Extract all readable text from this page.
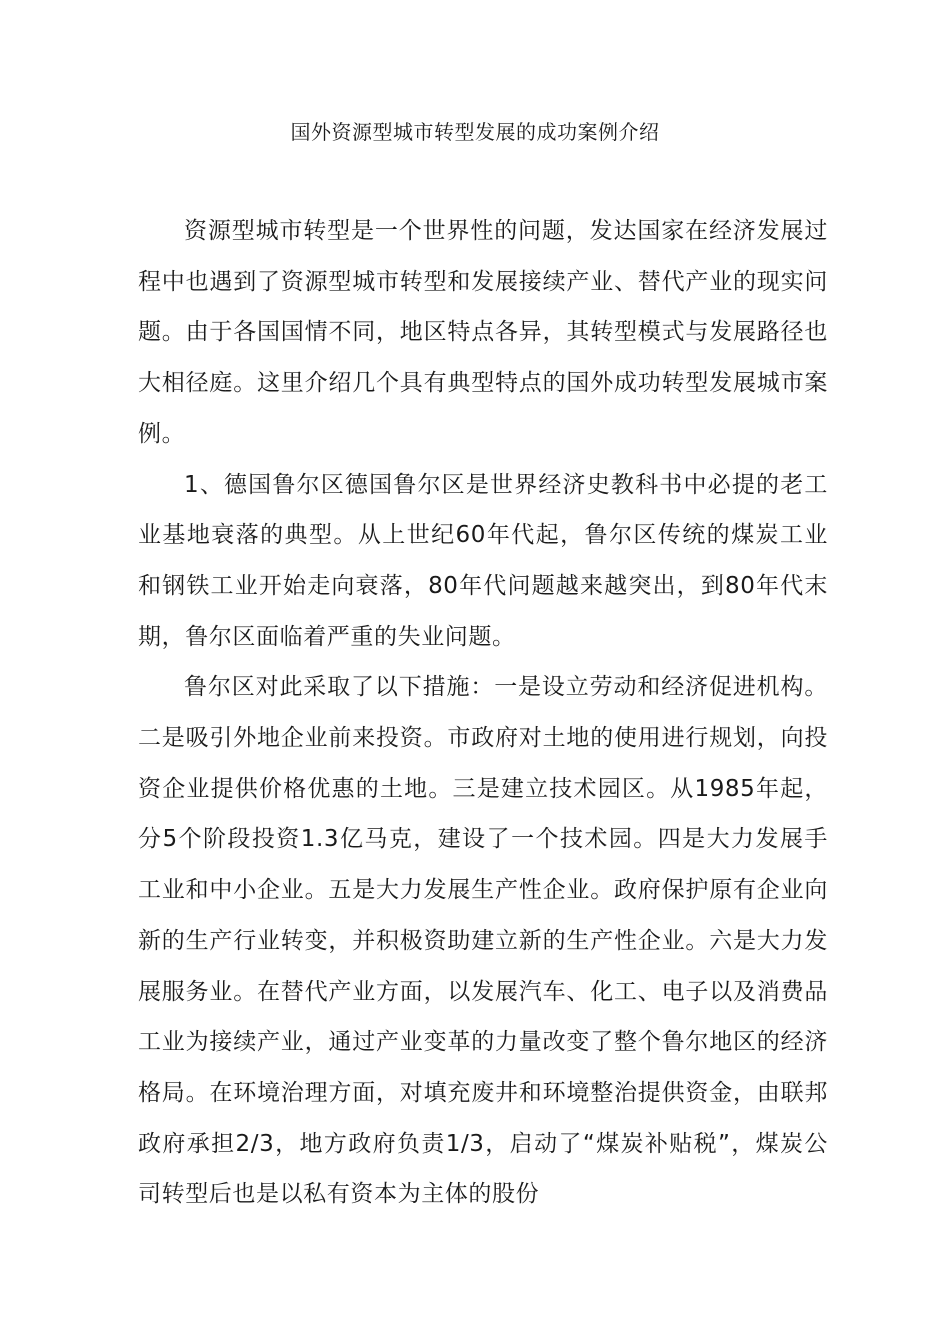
国外资源型城市转型发展的成功案例介绍

资源型城市转型是一个世界性的问题，发达国家在经济发展过程中也遇到了资源型城市转型和发展接续产业、替代产业的现实问题。由于各国国情不同，地区特点各异，其转型模式与发展路径也大相径庭。这里介绍几个具有典型特点的国外成功转型发展城市案例。

1、德国鲁尔区德国鲁尔区是世界经济史教科书中必提的老工业基地衰落的典型。从上世纪60年代起，鲁尔区传统的煤炭工业和钢铁工业开始走向衰落，80年代问题越来越突出，到80年代末期，鲁尔区面临着严重的失业问题。

鲁尔区对此采取了以下措施：一是设立劳动和经济促进机构。二是吸引外地企业前来投资。市政府对土地的使用进行规划，向投资企业提供价格优惠的土地。三是建立技术园区。从1985年起，分5个阶段投资1.3亿马克，建设了一个技术园。四是大力发展手工业和中小企业。五是大力发展生产性企业。政府保护原有企业向新的生产行业转变，并积极资助建立新的生产性企业。六是大力发展服务业。在替代产业方面，以发展汽车、化工、电子以及消费品工业为接续产业，通过产业变革的力量改变了整个鲁尔地区的经济格局。在环境治理方面，对填充废井和环境整治提供资金，由联邦政府承担2/3，地方政府负责1/3，启动了“煤炭补贴税”，煤炭公司转型后也是以私有资本为主体的股份
